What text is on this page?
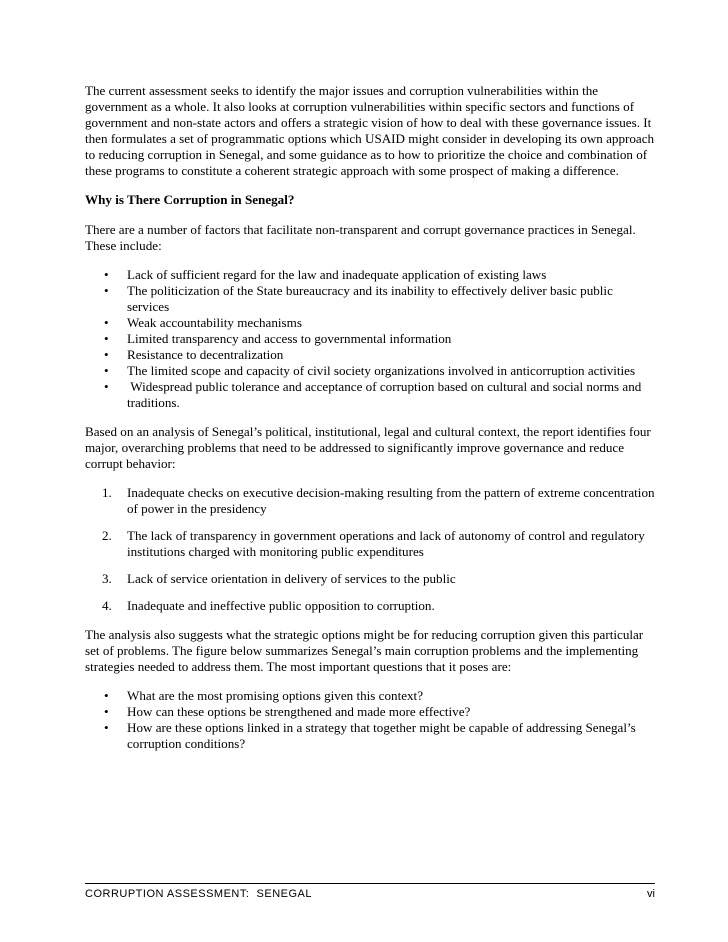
The current assessment seeks to identify the major issues and corruption vulnerabilities within the government as a whole. It also looks at corruption vulnerabilities within specific sectors and functions of government and non-state actors and offers a strategic vision of how to deal with these governance issues. It then formulates a set of programmatic options which USAID might consider in developing its own approach to reducing corruption in Senegal, and some guidance as to how to prioritize the choice and combination of these programs to constitute a coherent strategic approach with some prospect of making a difference.

Why is There Corruption in Senegal?

There are a number of factors that facilitate non-transparent and corrupt governance practices in Senegal. These include:

• Lack of sufficient regard for the law and inadequate application of existing laws
• The politicization of the State bureaucracy and its inability to effectively deliver basic public services
• Weak accountability mechanisms
• Limited transparency and access to governmental information
• Resistance to decentralization
• The limited scope and capacity of civil society organizations involved in anticorruption activities
• Widespread public tolerance and acceptance of corruption based on cultural and social norms and traditions.

Based on an analysis of Senegal’s political, institutional, legal and cultural context, the report identifies four major, overarching problems that need to be addressed to significantly improve governance and reduce corrupt behavior:

1. Inadequate checks on executive decision-making resulting from the pattern of extreme concentration of power in the presidency
2. The lack of transparency in government operations and lack of autonomy of control and regulatory institutions charged with monitoring public expenditures
3. Lack of service orientation in delivery of services to the public
4. Inadequate and ineffective public opposition to corruption.

The analysis also suggests what the strategic options might be for reducing corruption given this particular set of problems. The figure below summarizes Senegal’s main corruption problems and the implementing strategies needed to address them. The most important questions that it poses are:

• What are the most promising options given this context?
• How can these options be strengthened and made more effective?
• How are these options linked in a strategy that together might be capable of addressing Senegal’s corruption conditions?
CORRUPTION ASSESSMENT:  SENEGAL	vi
